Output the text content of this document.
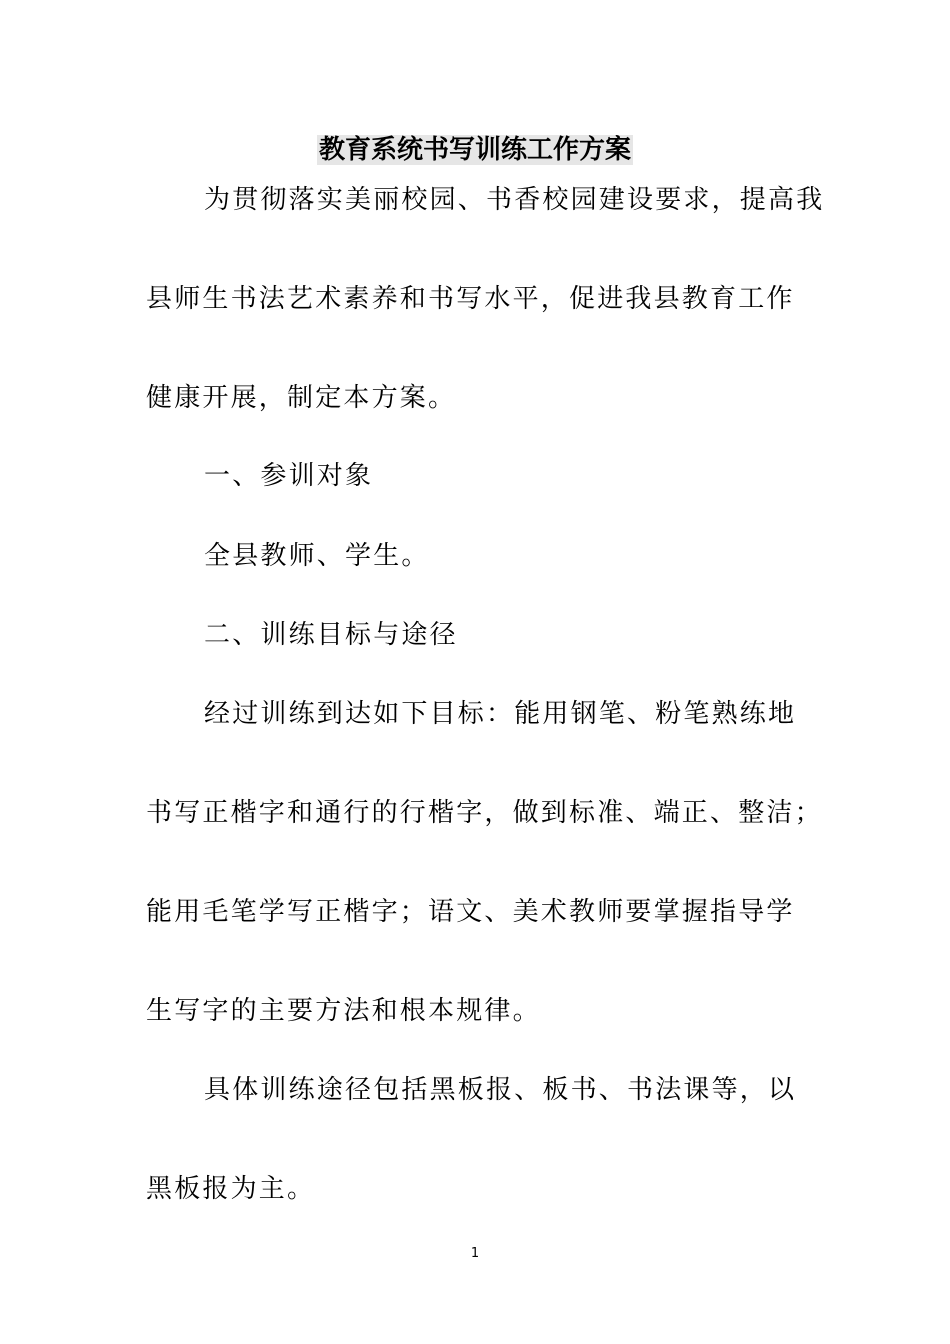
教育系统书写训练工作方案

为贯彻落实美丽校园、书香校园建设要求，提高我

县师生书法艺术素养和书写水平，促进我县教育工作

健康开展，制定本方案。

一、参训对象

全县教师、学生。

二、训练目标与途径

经过训练到达如下目标：能用钢笔、粉笔熟练地

书写正楷字和通行的行楷字，做到标准、端正、整洁；

能用毛笔学写正楷字；语文、美术教师要掌握指导学

生写字的主要方法和根本规律。

具体训练途径包括黑板报、板书、书法课等，以

黑板报为主。

1
